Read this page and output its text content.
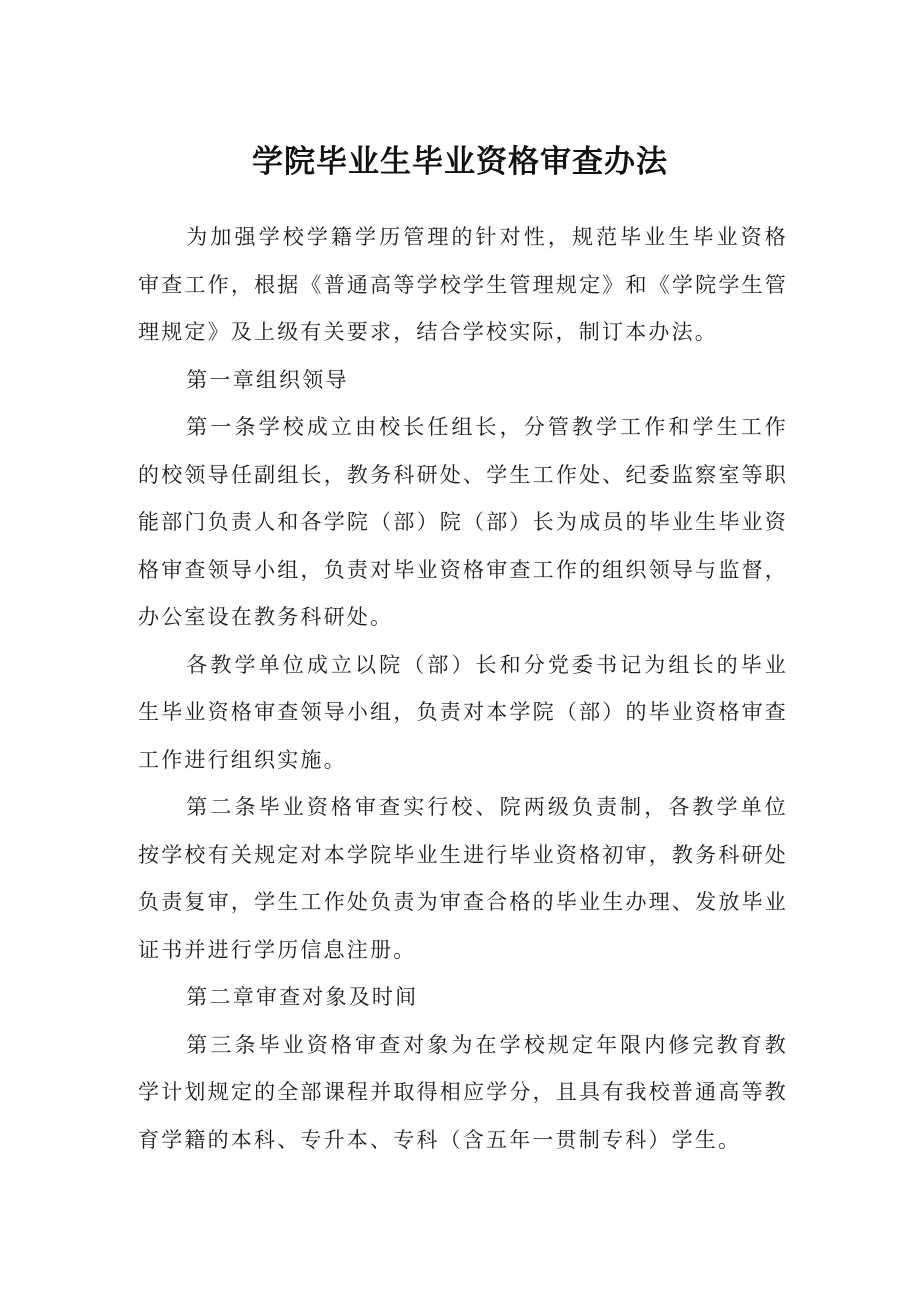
学院毕业生毕业资格审查办法

为加强学校学籍学历管理的针对性，规范毕业生毕业资格审查工作，根据《普通高等学校学生管理规定》和《学院学生管理规定》及上级有关要求，结合学校实际，制订本办法。

第一章组织领导

第一条学校成立由校长任组长，分管教学工作和学生工作的校领导任副组长，教务科研处、学生工作处、纪委监察室等职能部门负责人和各学院（部）院（部）长为成员的毕业生毕业资格审查领导小组，负责对毕业资格审查工作的组织领导与监督，办公室设在教务科研处。

各教学单位成立以院（部）长和分党委书记为组长的毕业生毕业资格审查领导小组，负责对本学院（部）的毕业资格审查工作进行组织实施。

第二条毕业资格审查实行校、院两级负责制，各教学单位按学校有关规定对本学院毕业生进行毕业资格初审，教务科研处负责复审，学生工作处负责为审查合格的毕业生办理、发放毕业证书并进行学历信息注册。

第二章审查对象及时间

第三条毕业资格审查对象为在学校规定年限内修完教育教学计划规定的全部课程并取得相应学分，且具有我校普通高等教育学籍的本科、专升本、专科（含五年一贯制专科）学生。
